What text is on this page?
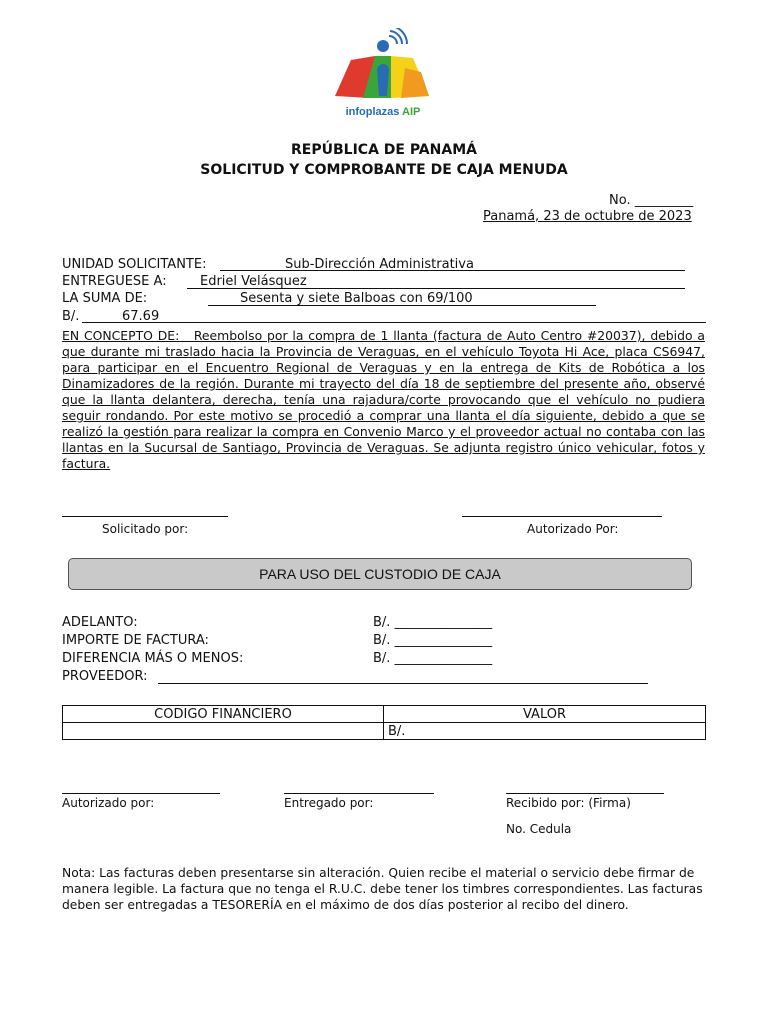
infoplazas AIP
REPÚBLICA DE PANAMÁ
SOLICITUD Y COMPROBANTE DE CAJA MENUDA
No. _________
Panamá, 23 de octubre de 2023
UNIDAD SOLICITANTE:	Sub-Dirección Administrativa
ENTREGUESE A:	Edriel Velásquez
LA SUMA DE:	Sesenta y siete Balboas con 69/100
B/.	67.69
EN CONCEPTO DE: Reembolso por la compra de 1 llanta (factura de Auto Centro #20037), debido a que durante mi traslado hacia la Provincia de Veraguas, en el vehículo Toyota Hi Ace, placa CS6947, para participar en el Encuentro Regional de Veraguas y en la entrega de Kits de Robótica a los Dinamizadores de la región. Durante mi trayecto del día 18 de septiembre del presente año, observé que la llanta delantera, derecha, tenía una rajadura/corte provocando que el vehículo no pudiera seguir rondando. Por este motivo se procedió a comprar una llanta el día siguiente, debido a que se realizó la gestión para realizar la compra en Convenio Marco y el proveedor actual no contaba con las llantas en la Sucursal de Santiago, Provincia de Veraguas. Se adjunta registro único vehicular, fotos y factura.
Solicitado por:	Autorizado Por:
PARA USO DEL CUSTODIO DE CAJA
ADELANTO:	B/. _______________
IMPORTE DE FACTURA:	B/. _______________
DIFERENCIA MÁS O MENOS:	B/. _______________
PROVEEDOR:
CODIGO FINANCIERO	VALOR
	B/.
Autorizado por:	Entregado por:	Recibido por: (Firma)
No. Cedula
Nota: Las facturas deben presentarse sin alteración. Quien recibe el material o servicio debe firmar de manera legible. La factura que no tenga el R.U.C. debe tener los timbres correspondientes. Las facturas deben ser entregadas a TESORERÍA en el máximo de dos días posterior al recibo del dinero.
